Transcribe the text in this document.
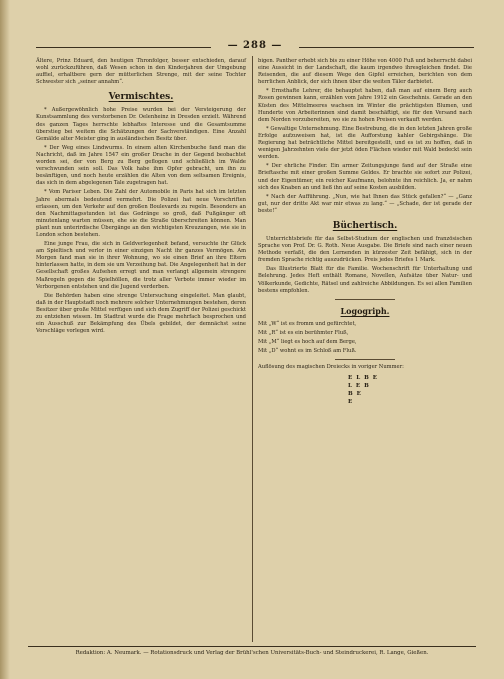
— 288 —

Ältere, Prinz Eduard, den heutigen Thronfolger, besser entschieden, darauf wohl zurückzuführen, daß Wesen schon in den Kinderjahren der Umgebung auffiel, erhaltbere gern der mütterlichen Strenge, mit der seine Tochter Schwester sich „seiner annahm“.

Vermischtes.

* Außergewöhnlich hohe Preise wurden bei der Versteigerung der Kunstsammlung des verstorbenen Dr. Oelenheinz in Dresden erzielt. Während des ganzen Tages herrschte lebhaftes Interesse und die Gesamtsumme überstieg bei weitem die Schätzungen der Sachverständigen. Eine Anzahl Gemälde alter Meister ging in ausländischen Besitz über.

* Der Weg eines Lindwurms. In einem alten Kirchenbuche fand man die Nachricht, daß im Jahre 1547 ein großer Drache in der Gegend beobachtet worden sei, der von Berg zu Berg geflogen und schließlich im Walde verschwunden sein soll. Das Volk habe ihm Opfer gebracht, um ihn zu besänftigen, und noch heute erzählen die Alten von dem seltsamen Ereignis, das sich in dem abgelegenen Tale zugetragen hat.

* Vom Pariser Leben. Die Zahl der Automobile in Paris hat sich im letzten Jahre abermals bedeutend vermehrt. Die Polizei hat neue Vorschriften erlassen, um den Verkehr auf den großen Boulevards zu regeln. Besonders an den Nachmittagsstunden ist das Gedränge so groß, daß Fußgänger oft minutenlang warten müssen, ehe sie die Straße überschreiten können. Man plant nun unterirdische Übergänge an den wichtigsten Kreuzungen, wie sie in London schon bestehen.

Eine junge Frau, die sich in Geldverlegenheit befand, versuchte ihr Glück am Spieltisch und verlor in einer einzigen Nacht ihr ganzes Vermögen. Am Morgen fand man sie in ihrer Wohnung, wo sie einen Brief an ihre Eltern hinterlassen hatte, in dem sie um Verzeihung bat. Die Angelegenheit hat in der Gesellschaft großes Aufsehen erregt und man verlangt allgemein strengere Maßregeln gegen die Spielhöllen, die trotz aller Verbote immer wieder im Verborgenen entstehen und die Jugend verderben.

Die Behörden haben eine strenge Untersuchung eingeleitet. Man glaubt, daß in der Hauptstadt noch mehrere solcher Unternehmungen bestehen, deren Besitzer über große Mittel verfügen und sich dem Zugriff der Polizei geschickt zu entziehen wissen. Im Stadtrat wurde die Frage mehrfach besprochen und ein Ausschuß zur Bekämpfung des Übels gebildet, der demnächst seine Vorschläge vorlegen wird.

bigen. Panther erhebt sich bis zu einer Höhe von 4000 Fuß und beherrscht dabei eine Aussicht in der Landschaft, die kaum irgendwo ihresgleichen findet. Die Reisenden, die auf diesem Wege den Gipfel erreichen, berichten von dem herrlichen Anblick, der sich ihnen über die weiten Täler darbietet.

* Ernsthafte Lehrer, die behauptet haben, daß man auf einem Berg auch Rosen gewinnen kann, erzählen vom Jahre 1912 ein Geschehnis. Gerade an den Küsten des Mittelmeeres wachsen im Winter die prächtigsten Blumen, und Hunderte von Arbeiterinnen sind damit beschäftigt, sie für den Versand nach dem Norden vorzubereiten, wo sie zu hohen Preisen verkauft werden.

* Gewaltige Unternehmung. Eine Bestrebung, die in den letzten Jahren große Erfolge aufzuweisen hat, ist die Aufforstung kahler Gebirgshänge. Die Regierung hat beträchtliche Mittel bereitgestellt, und es ist zu hoffen, daß in wenigen Jahrzehnten viele der jetzt öden Flächen wieder mit Wald bedeckt sein werden.

* Der ehrliche Finder. Ein armer Zeitungsjunge fand auf der Straße eine Brieftasche mit einer großen Summe Geldes. Er brachte sie sofort zur Polizei, und der Eigentümer, ein reicher Kaufmann, belohnte ihn reichlich. Ja, er nahm sich des Knaben an und ließ ihn auf seine Kosten ausbilden.

* Nach der Aufführung. „Nun, wie hat Ihnen das Stück gefallen?“ — „Ganz gut, nur der dritte Akt war mir etwas zu lang.“ — „Schade, der ist gerade der beste!“

Büchertisch.

Unterrichtsbriefe für das Selbst-Studium der englischen und französischen Sprache von Prof. Dr. G. Roth. Neue Ausgabe. Die Briefe sind nach einer neuen Methode verfaßt, die den Lernenden in kürzester Zeit befähigt, sich in der fremden Sprache richtig auszudrücken. Preis jedes Briefes 1 Mark.

Das Illustrierte Blatt für die Familie. Wochenschrift für Unterhaltung und Belehrung. Jedes Heft enthält Romane, Novellen, Aufsätze über Natur- und Völkerkunde, Gedichte, Rätsel und zahlreiche Abbildungen. Es sei allen Familien bestens empfohlen.

Logogriph.

Mit „W“ ist es fromm und gefürchtet,

Mit „R“ ist es ein berühmter Fluß,

Mit „M“ liegt es hoch auf dem Berge,

Mit „D“ wohnt es im Schloß am Fluß.

Auflösung des magischen Dreiecks in voriger Nummer:

E L B E
L E B
B E
E
Redaktion: A. Neumark. — Rotationsdruck und Verlag der Brühl'schen Universitäts-Buch- und Steindruckerei, R. Lange, Gießen.
